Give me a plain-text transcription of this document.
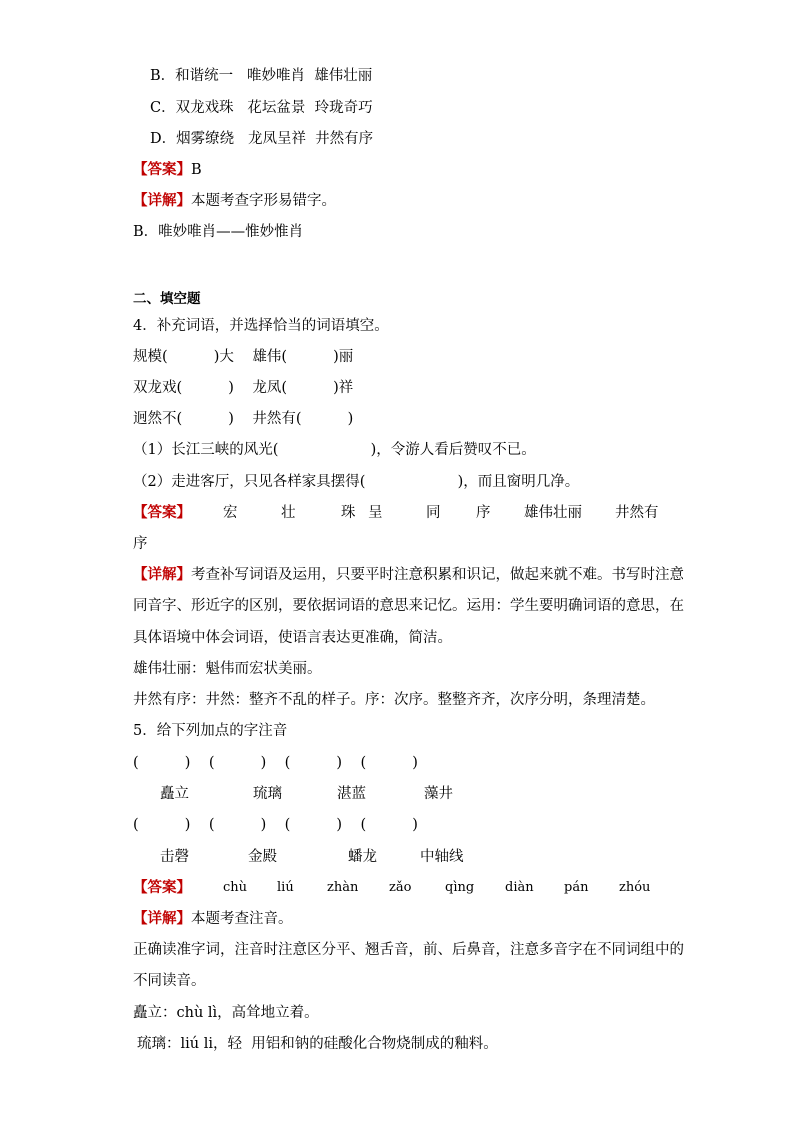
B．和谐统一   唯妙唯肖  雄伟壮丽
C．双龙戏珠   花坛盆景  玲珑奇巧
D．烟雾缭绕   龙凤呈祥  井然有序
【答案】B
【详解】本题考查字形易错字。
B．唯妙唯肖——惟妙惟肖
二、填空题
4．补充词语，并选择恰当的词语填空。
规模(          )大    雄伟(          )丽
双龙戏(          )    龙凤(          )祥
迥然不(          )    井然有(          )
（1）长江三峡的风光(                    )，令游人看后赞叹不已。
（2）走进客厅，只见各样家具摆得(                    )，而且窗明几净。
【答案】 宏	壮	珠 呈	同 序 雄伟壮丽 井然有
序
【详解】考查补写词语及运用，只要平时注意积累和识记，做起来就不难。书写时注意
同音字、形近字的区别，要依据词语的意思来记忆。运用：学生要明确词语的意思，在
具体语境中体会词语，使语言表达更准确，简洁。
雄伟壮丽：魁伟而宏状美丽。
井然有序：井然：整齐不乱的样子。序：次序。整整齐齐，次序分明，条理清楚。
5．给下列加点的字注音
(          )    (          )    (          )    (          )
矗立	琉璃	湛蓝	藻井
(          )    (          )    (          )    (          )
击磬	金殿	蟠龙	中轴线
【答案】 chù liú	zhàn zǎo	qìng diàn pán zhóu
【详解】本题考查注音。
正确读准字词，注音时注意区分平、翘舌音，前、后鼻音，注意多音字在不同词组中的
不同读音。
矗立：chù lì，高耸地立着。
琉璃：liú li，轻  用铝和钠的硅酸化合物烧制成的釉料。
